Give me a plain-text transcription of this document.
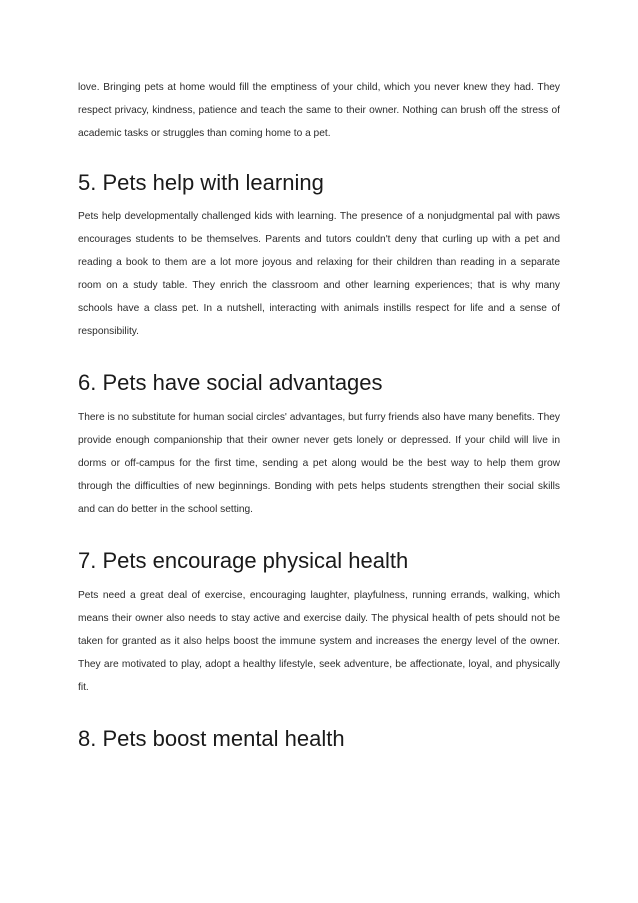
love. Bringing pets at home would fill the emptiness of your child, which you never knew they had. They respect privacy, kindness, patience and teach the same to their owner. Nothing can brush off the stress of academic tasks or struggles than coming home to a pet.

5. Pets help with learning

Pets help developmentally challenged kids with learning. The presence of a nonjudgmental pal with paws encourages students to be themselves. Parents and tutors couldn't deny that curling up with a pet and reading a book to them are a lot more joyous and relaxing for their children than reading in a separate room on a study table. They enrich the classroom and other learning experiences; that is why many schools have a class pet. In a nutshell, interacting with animals instills respect for life and a sense of responsibility.

6. Pets have social advantages

There is no substitute for human social circles' advantages, but furry friends also have many benefits. They provide enough companionship that their owner never gets lonely or depressed. If your child will live in dorms or off-campus for the first time, sending a pet along would be the best way to help them grow through the difficulties of new beginnings. Bonding with pets helps students strengthen their social skills and can do better in the school setting.

7. Pets encourage physical health

Pets need a great deal of exercise, encouraging laughter, playfulness, running errands, walking, which means their owner also needs to stay active and exercise daily. The physical health of pets should not be taken for granted as it also helps boost the immune system and increases the energy level of the owner. They are motivated to play, adopt a healthy lifestyle, seek adventure, be affectionate, loyal, and physically fit.

8. Pets boost mental health
